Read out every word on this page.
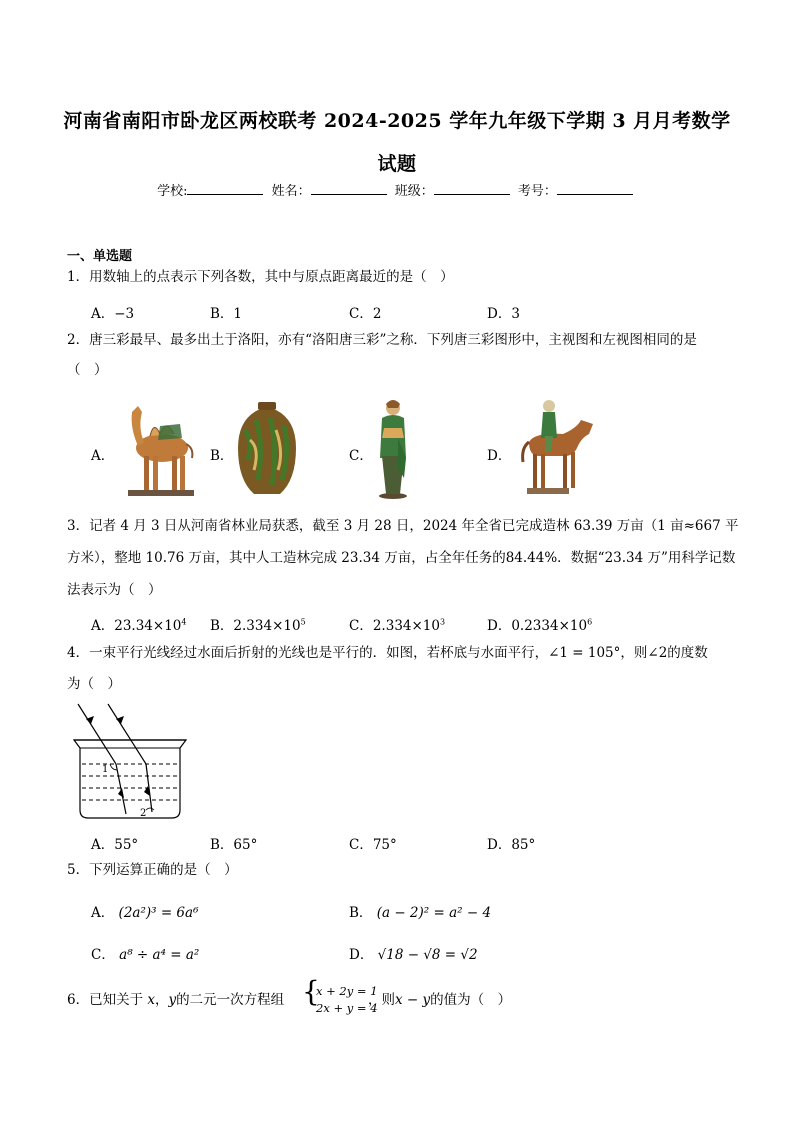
河南省南阳市卧龙区两校联考 2024-2025 学年九年级下学期 3 月月考数学
试题
学校:	姓名：	班级：	考号：
一、单选题
1．用数轴上的点表示下列各数，其中与原点距离最近的是（　）
A．−3	B．1	C．2	D．3
2．唐三彩最早、最多出土于洛阳，亦有“洛阳唐三彩”之称．下列唐三彩图形中，主视图和左视图相同的是
（　）
A．	B．	C．	D．
3．记者 4 月 3 日从河南省林业局获悉，截至 3 月 28 日，2024 年全省已完成造林 63.39 万亩（1 亩≈667 平
方米），整地 10.76 万亩，其中人工造林完成 23.34 万亩，占全年任务的84.44%．数据“23.34 万”用科学记数
法表示为（　）
A．$23.34\times 10^4$ B．$2.334\times 10^5$	C．$2.334\times 10^3$	D．$0.2334\times 10^6$
4．一束平行光线经过水面后折射的光线也是平行的．如图，若杯底与水面平行，∠1 = 105°，则∠2的度数
为（　）
1
2
A．55°	B．65°	C．75°	D．85°
5．下列运算正确的是（　）
A． (2a²)³ = 6a⁶	B． (a − 2)² = a² − 4
C． a⁸ ÷ a⁴ = a²	D． √18 − √8 = √2
6．已知关于 x，y的二元一次方程组 {
x + 2y = 1
2x + y = 4
，则x − y的值为（　）
